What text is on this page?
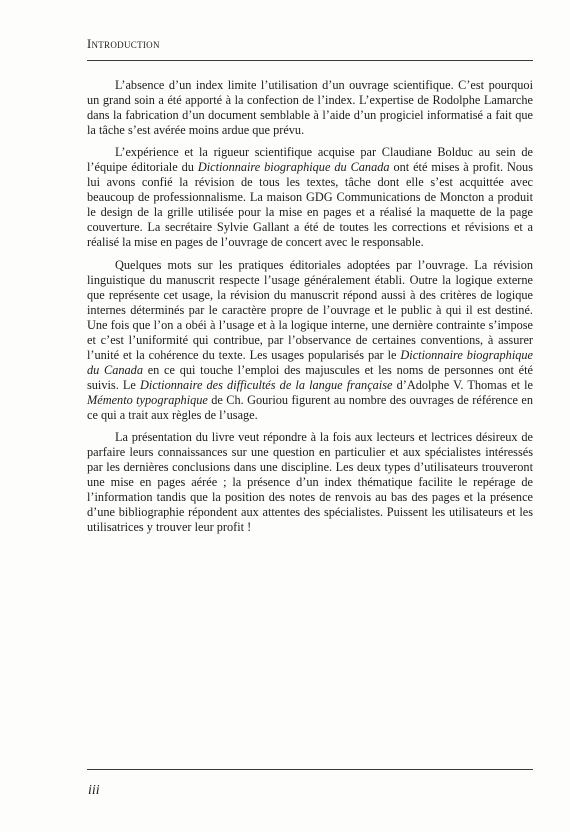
Introduction

L’absence d’un index limite l’utilisation d’un ouvrage scientifique. C’est pourquoi un grand soin a été apporté à la confection de l’index. L’expertise de Rodolphe Lamarche dans la fabrication d’un document semblable à l’aide d’un progiciel informatisé a fait que la tâche s’est avérée moins ardue que prévu.

L’expérience et la rigueur scientifique acquise par Claudiane Bolduc au sein de l’équipe éditoriale du Dictionnaire biographique du Canada ont été mises à profit. Nous lui avons confié la révision de tous les textes, tâche dont elle s’est acquittée avec beaucoup de professionnalisme. La maison GDG Communications de Moncton a produit le design de la grille utilisée pour la mise en pages et a réalisé la maquette de la page couverture. La secrétaire Sylvie Gallant a été de toutes les corrections et révisions et a réalisé la mise en pages de l’ouvrage de concert avec le responsable.

Quelques mots sur les pratiques éditoriales adoptées par l’ouvrage. La révision linguistique du manuscrit respecte l’usage généralement établi. Outre la logique externe que représente cet usage, la révision du manuscrit répond aussi à des critères de logique internes déterminés par le caractère propre de l’ouvrage et le public à qui il est destiné. Une fois que l’on a obéi à l’usage et à la logique interne, une dernière contrainte s’impose et c’est l’uniformité qui contribue, par l’observance de certaines conventions, à assurer l’unité et la cohérence du texte. Les usages popularisés par le Dictionnaire biographique du Canada en ce qui touche l’emploi des majuscules et les noms de personnes ont été suivis. Le Dictionnaire des difficultés de la langue française d’Adolphe V. Thomas et le Mémento typographique de Ch. Gouriou figurent au nombre des ouvrages de référence en ce qui a trait aux règles de l’usage.

La présentation du livre veut répondre à la fois aux lecteurs et lectrices désireux de parfaire leurs connaissances sur une question en particulier et aux spécialistes intéressés par les dernières conclusions dans une discipline. Les deux types d’utilisateurs trouveront une mise en pages aérée ; la présence d’un index thématique facilite le repérage de l’information tandis que la position des notes de renvois au bas des pages et la présence d’une bibliographie répondent aux attentes des spécialistes. Puissent les utilisateurs et les utilisatrices y trouver leur profit !

iii
